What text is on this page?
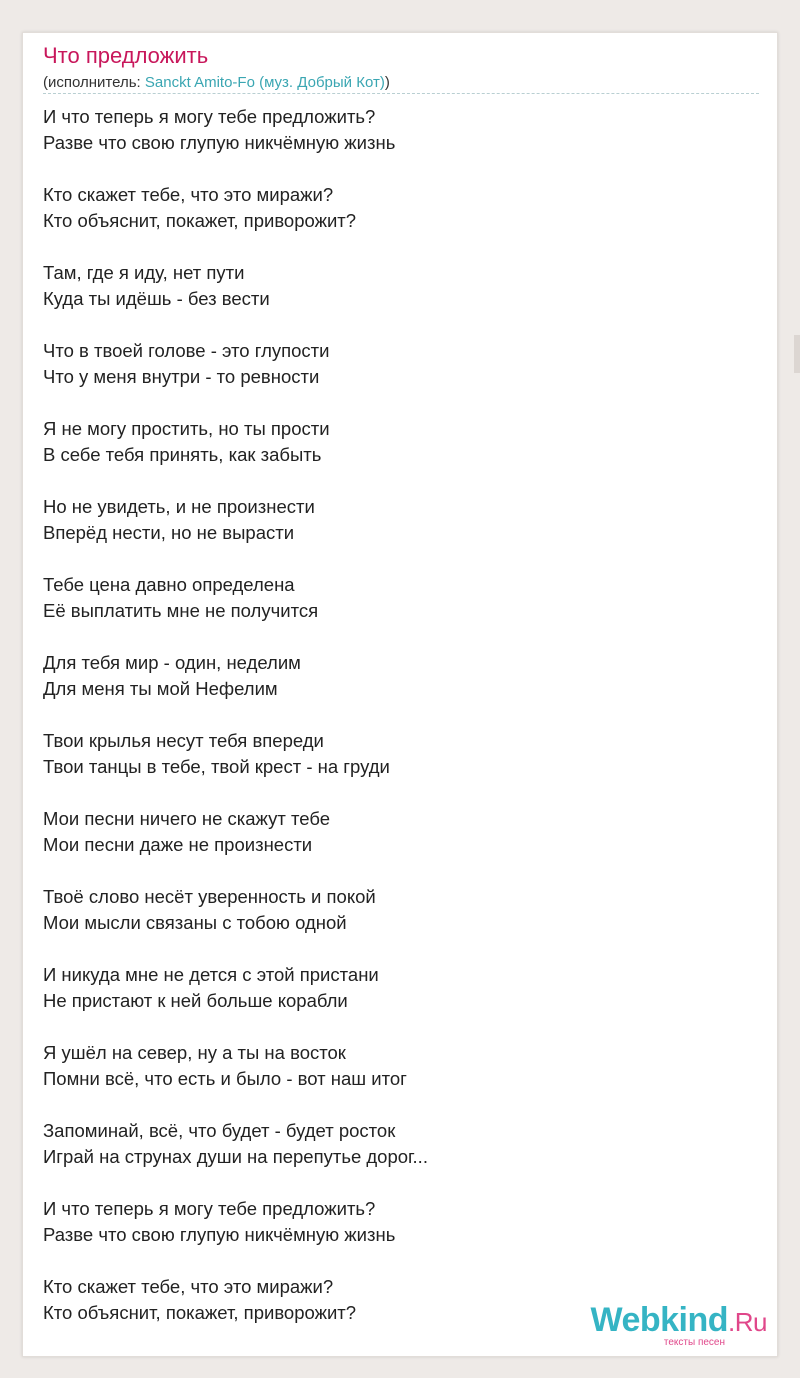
Что предложить
(исполнитель: Sanckt Amito-Fo (муз. Добрый Кот))
И что теперь я могу тебе предложить?
Разве что свою глупую никчёмную жизнь
Кто скажет тебе, что это миражи?
Кто объяснит, покажет, приворожит?
Там, где я иду, нет пути
Куда ты идёшь - без вести
Что в твоей голове - это глупости
Что у меня внутри - то ревности
Я не могу простить, но ты прости
В себе тебя принять, как забыть
Но не увидеть, и не произнести
Вперёд нести, но не вырасти
Тебе цена давно определена
Её выплатить мне не получится
Для тебя мир - один, неделим
Для меня ты мой Нефелим
Твои крылья несут тебя впереди
Твои танцы в тебе, твой крест - на груди
Мои песни ничего не скажут тебе
Мои песни даже не произнести
Твоё слово несёт уверенность и покой
Мои мысли связаны с тобою одной
И никуда мне не дется с этой пристани
Не пристают к ней больше корабли
Я ушёл на север, ну а ты на восток
Помни всё, что есть и было - вот наш итог
Запоминай, всё, что будет - будет росток
Играй на струнах души на перепутье дорог...
И что теперь я могу тебе предложить?
Разве что свою глупую никчёмную жизнь
Кто скажет тебе, что это миражи?
Кто объяснит, покажет, приворожит?	Webkind.Ru
тексты песен
